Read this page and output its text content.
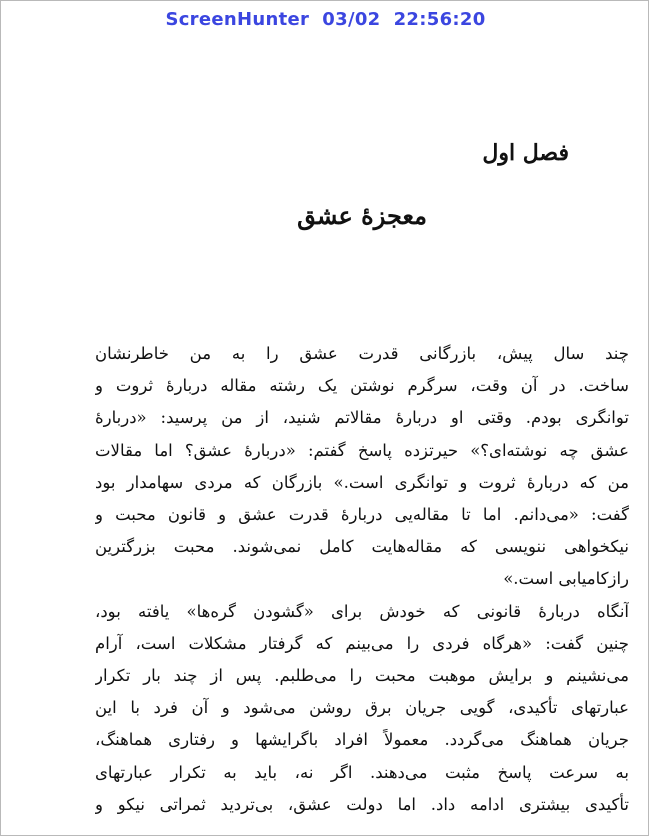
ScreenHunter  03/02  22:56:20
فصل اول
معجزهٔ عشق
چند سال پیش، بازرگانی قدرت عشق را به من خاطرنشان
ساخت. در آن وقت، سرگرم نوشتن یک رشته مقاله دربارهٔ ثروت و
توانگری بودم. وقتی او دربارهٔ مقالاتم شنید، از من پرسید: «دربارهٔ
عشق چه نوشته‌ای؟» حیرتزده پاسخ گفتم: «دربارهٔ عشق؟ اما مقالات
من که دربارهٔ ثروت و توانگری است.» بازرگان که مردی سهامدار بود
گفت: «می‌دانم. اما تا مقاله‌یی دربارهٔ قدرت عشق و قانون محبت و
نیکخواهی ننویسی که مقاله‌هایت کامل نمی‌شوند. محبت بزرگترین
رازکامیابی است.»
آنگاه دربارهٔ قانونی که خودش برای «گشودن گره‌ها» یافته بود،
چنین گفت: «هرگاه فردی را می‌بینم که گرفتار مشکلات است، آرام
می‌نشینم و برایش موهبت محبت را می‌طلبم. پس از چند بار تکرار
عبارتهای تأکیدی، گویی جریان برق روشن می‌شود و آن فرد با این
جریان هماهنگ می‌گردد. معمولاً افراد باگرایشها و رفتاری هماهنگ،
به سرعت پاسخ مثبت می‌دهند. اگر نه، باید به تکرار عبارتهای
تأکیدی بیشتری ادامه داد. اما دولت عشق، بی‌تردید ثمراتی نیکو و
